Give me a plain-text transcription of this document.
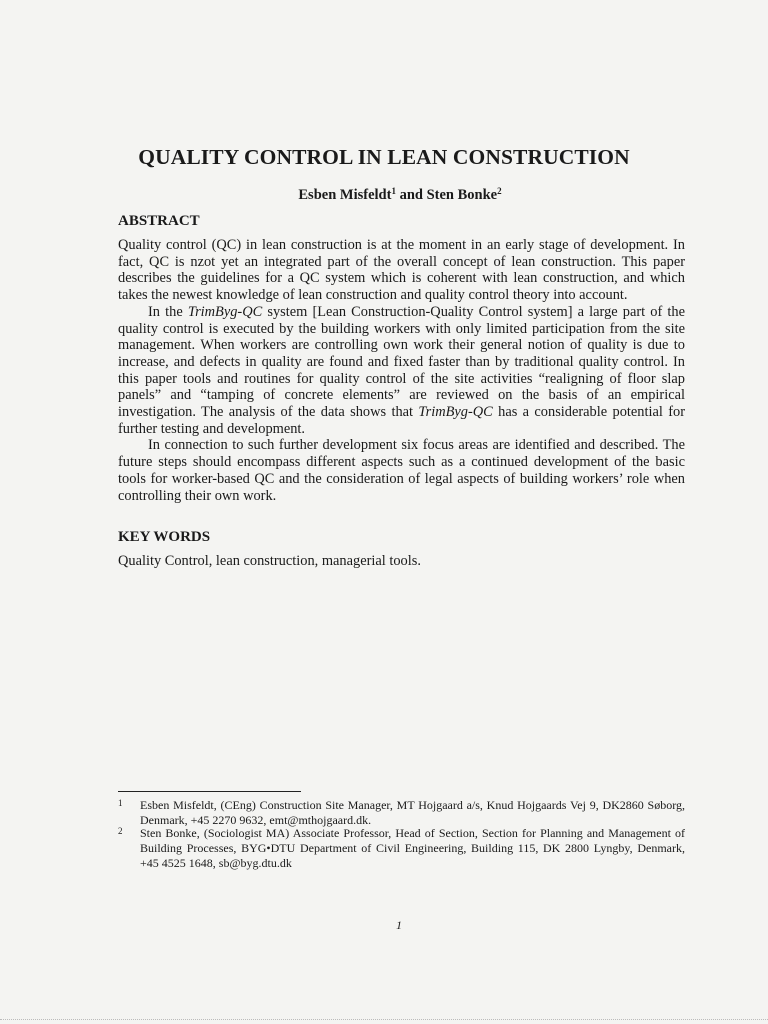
QUALITY CONTROL IN LEAN CONSTRUCTION
Esben Misfeldt$^1$ and Sten Bonke$^2$
ABSTRACT

Quality control (QC) in lean construction is at the moment in an early stage of development. In fact, QC is nzot yet an integrated part of the overall concept of lean construction. This paper describes the guidelines for a QC system which is coherent with lean construction, and which takes the newest knowledge of lean construction and quality control theory into account.

In the TrimByg-QC system [Lean Construction-Quality Control system] a large part of the quality control is executed by the building workers with only limited participation from the site management. When workers are controlling own work their general notion of quality is due to increase, and defects in quality are found and fixed faster than by traditional quality control. In this paper tools and routines for quality control of the site activities “realigning of floor slap panels” and “tamping of concrete elements” are reviewed on the basis of an empirical investigation. The analysis of the data shows that TrimByg-QC has a considerable potential for further testing and development.

In connection to such further development six focus areas are identified and described. The future steps should encompass different aspects such as a continued development of the basic tools for worker-based QC and the consideration of legal aspects of building workers’ role when controlling their own work.

KEY WORDS
Quality Control, lean construction, managerial tools.
1 Esben Misfeldt, (CEng) Construction Site Manager, MT Hojgaard a/s, Knud Hojgaards Vej 9, DK2860 Søborg, Denmark, +45 2270 9632, emt@mthojgaard.dk.
2 Sten Bonke, (Sociologist MA) Associate Professor, Head of Section, Section for Planning and Management of Building Processes, BYG•DTU Department of Civil Engineering, Building 115, DK 2800 Lyngby, Denmark, +45 4525 1648, sb@byg.dtu.dk
1
